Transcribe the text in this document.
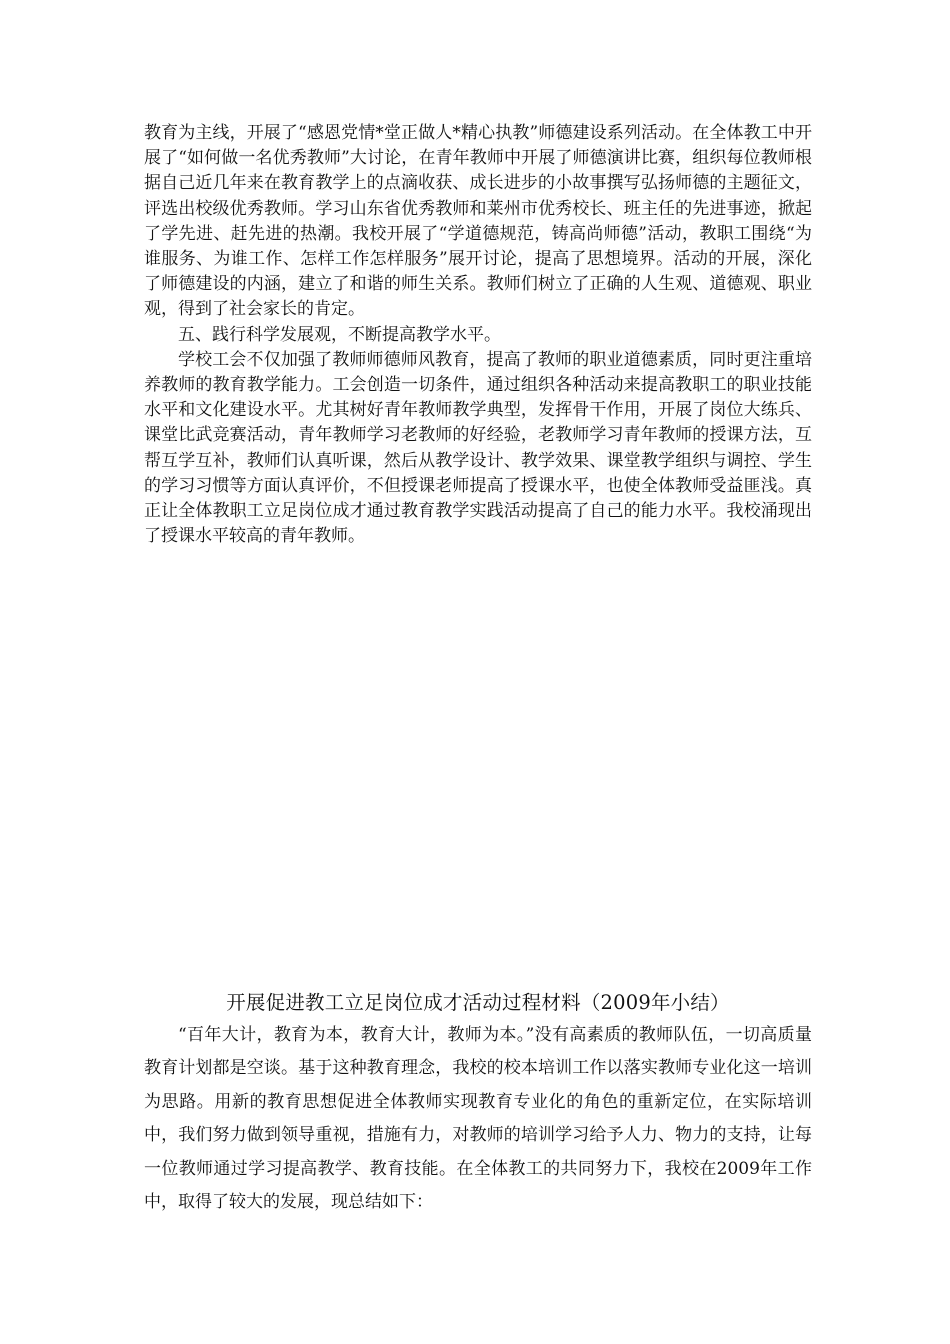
教育为主线，开展了“感恩党情*堂正做人*精心执教”师德建设系列活动。在全体教工中开展了“如何做一名优秀教师”大讨论，在青年教师中开展了师德演讲比赛，组织每位教师根据自己近几年来在教育教学上的点滴收获、成长进步的小故事撰写弘扬师德的主题征文，评选出校级优秀教师。学习山东省优秀教师和莱州市优秀校长、班主任的先进事迹，掀起了学先进、赶先进的热潮。我校开展了“学道德规范，铸高尚师德”活动，教职工围绕“为谁服务、为谁工作、怎样工作怎样服务”展开讨论，提高了思想境界。活动的开展，深化了师德建设的内涵，建立了和谐的师生关系。教师们树立了正确的人生观、道德观、职业观，得到了社会家长的肯定。

五、践行科学发展观，不断提高教学水平。

学校工会不仅加强了教师师德师风教育，提高了教师的职业道德素质，同时更注重培养教师的教育教学能力。工会创造一切条件，通过组织各种活动来提高教职工的职业技能水平和文化建设水平。尤其树好青年教师教学典型，发挥骨干作用，开展了岗位大练兵、课堂比武竞赛活动，青年教师学习老教师的好经验，老教师学习青年教师的授课方法，互帮互学互补，教师们认真听课，然后从教学设计、教学效果、课堂教学组织与调控、学生的学习习惯等方面认真评价，不但授课老师提高了授课水平，也使全体教师受益匪浅。真正让全体教职工立足岗位成才通过教育教学实践活动提高了自己的能力水平。我校涌现出了授课水平较高的青年教师。

开展促进教工立足岗位成才活动过程材料（2009年小结）

“百年大计，教育为本，教育大计，教师为本。”没有高素质的教师队伍，一切高质量教育计划都是空谈。基于这种教育理念，我校的校本培训工作以落实教师专业化这一培训为思路。用新的教育思想促进全体教师实现教育专业化的角色的重新定位，在实际培训中，我们努力做到领导重视，措施有力，对教师的培训学习给予人力、物力的支持，让每一位教师通过学习提高教学、教育技能。在全体教工的共同努力下，我校在2009年工作中，取得了较大的发展，现总结如下：
